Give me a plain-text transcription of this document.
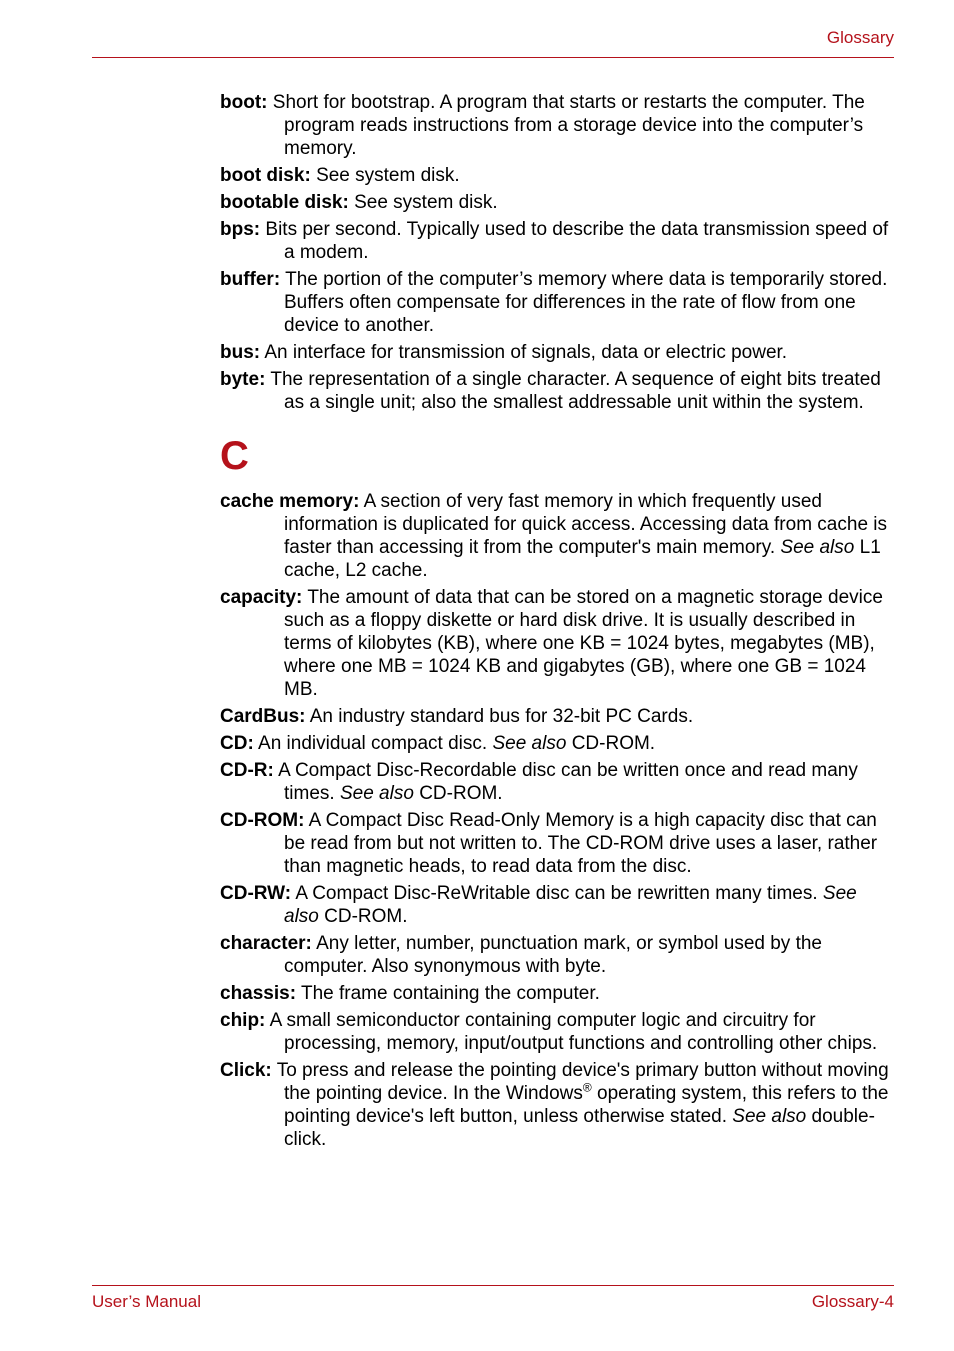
Glossary

boot: Short for bootstrap. A program that starts or restarts the computer. The program reads instructions from a storage device into the computer’s memory.

boot disk: See system disk.

bootable disk: See system disk.

bps: Bits per second. Typically used to describe the data transmission speed of a modem.

buffer: The portion of the computer’s memory where data is temporarily stored. Buffers often compensate for differences in the rate of flow from one device to another.

bus: An interface for transmission of signals, data or electric power.

byte: The representation of a single character. A sequence of eight bits treated as a single unit; also the smallest addressable unit within the system.

C

cache memory: A section of very fast memory in which frequently used information is duplicated for quick access. Accessing data from cache is faster than accessing it from the computer's main memory. See also L1 cache, L2 cache.

capacity: The amount of data that can be stored on a magnetic storage device such as a floppy diskette or hard disk drive. It is usually described in terms of kilobytes (KB), where one KB = 1024 bytes, megabytes (MB), where one MB = 1024 KB and gigabytes (GB), where one GB = 1024 MB.

CardBus: An industry standard bus for 32-bit PC Cards.

CD: An individual compact disc. See also CD-ROM.

CD-R: A Compact Disc-Recordable disc can be written once and read many times. See also CD-ROM.

CD-ROM: A Compact Disc Read-Only Memory is a high capacity disc that can be read from but not written to. The CD-ROM drive uses a laser, rather than magnetic heads, to read data from the disc.

CD-RW: A Compact Disc-ReWritable disc can be rewritten many times. See also CD-ROM.

character: Any letter, number, punctuation mark, or symbol used by the computer. Also synonymous with byte.

chassis: The frame containing the computer.

chip: A small semiconductor containing computer logic and circuitry for processing, memory, input/output functions and controlling other chips.

Click: To press and release the pointing device's primary button without moving the pointing device. In the Windows® operating system, this refers to the pointing device's left button, unless otherwise stated. See also double-click.

User’s Manual	Glossary-4
